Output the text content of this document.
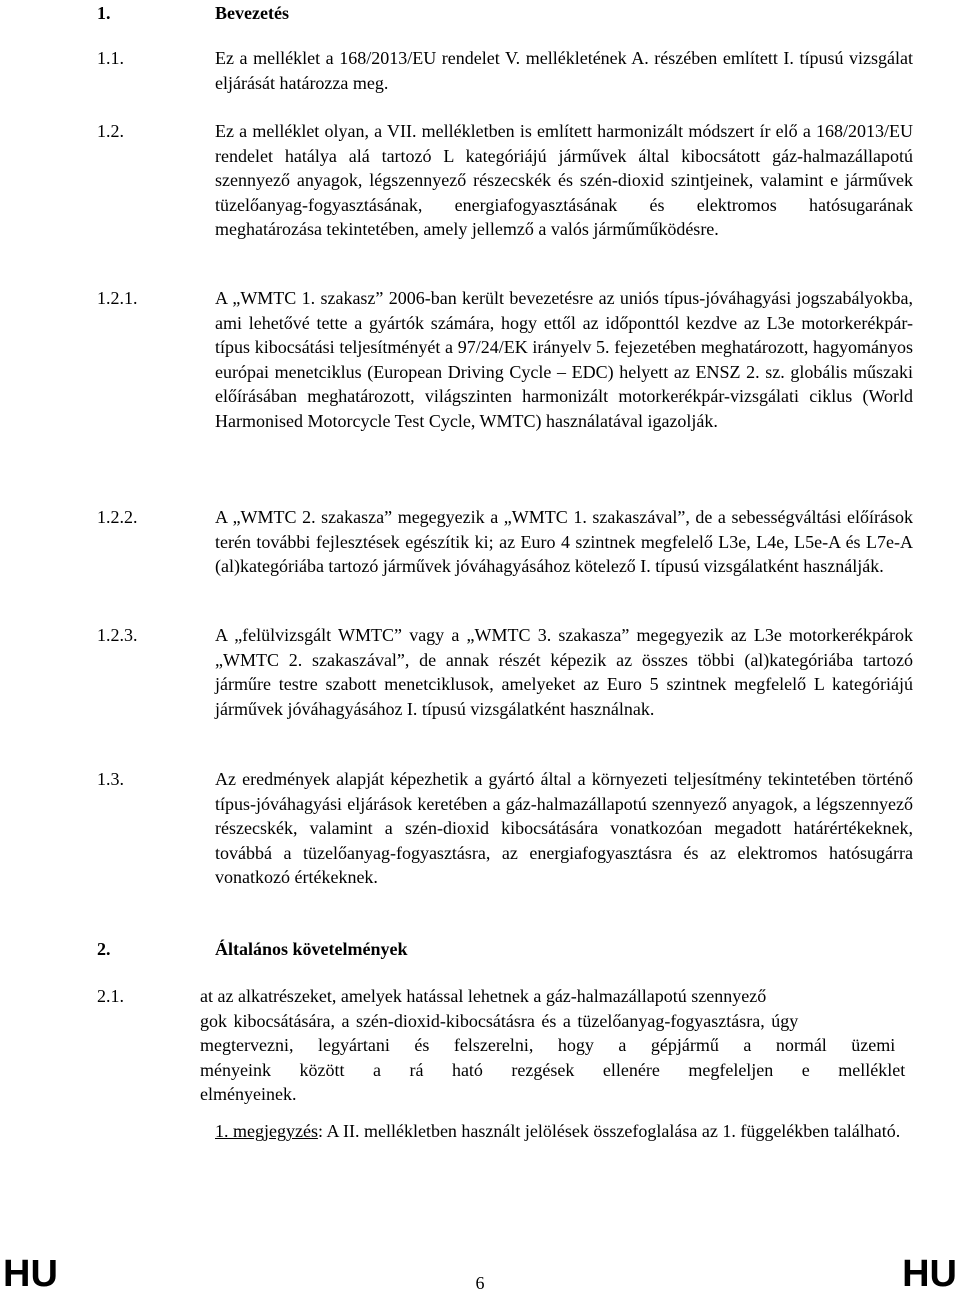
1.	Bevezetés
1.1.	Ez a melléklet a 168/2013/EU rendelet V. mellékletének A. részében említett I. típusú vizsgálat eljárását határozza meg.
1.2.	Ez a melléklet olyan, a VII. mellékletben is említett harmonizált módszert ír elő a 168/2013/EU rendelet hatálya alá tartozó L kategóriájú járművek által kibocsátott gáz-halmazállapotú szennyező anyagok, légszennyező részecskék és szén-dioxid szintjeinek, valamint e járművek tüzelőanyag-fogyasztásának, energiafogyasztásának és elektromos hatósugarának meghatározása tekintetében, amely jellemző a valós járműműködésre.
1.2.1.	A „WMTC 1. szakasz” 2006-ban került bevezetésre az uniós típus-jóváhagyási jogszabályokba, ami lehetővé tette a gyártók számára, hogy ettől az időponttól kezdve az L3e motorkerékpár-típus kibocsátási teljesítményét a 97/24/EK irányelv 5. fejezetében meghatározott, hagyományos európai menetciklus (European Driving Cycle – EDC) helyett az ENSZ 2. sz. globális műszaki előírásában meghatározott, világszinten harmonizált motorkerékpár-vizsgálati ciklus (World Harmonised Motorcycle Test Cycle, WMTC) használatával igazolják.
1.2.2.	A „WMTC 2. szakasza” megegyezik a „WMTC 1. szakaszával”, de a sebességváltási előírások terén további fejlesztések egészítik ki; az Euro 4 szintnek megfelelő L3e, L4e, L5e-A és L7e-A (al)kategóriába tartozó járművek jóváhagyásához kötelező I. típusú vizsgálatként használják.
1.2.3.	A „felülvizsgált WMTC” vagy a „WMTC 3. szakasza” megegyezik az L3e motorkerékpárok „WMTC 2. szakaszával”, de annak részét képezik az összes többi (al)kategóriába tartozó járműre testre szabott menetciklusok, amelyeket az Euro 5 szintnek megfelelő L kategóriájú járművek jóváhagyásához I. típusú vizsgálatként használnak.
1.3.	Az eredmények alapját képezhetik a gyártó által a környezeti teljesítmény tekintetében történő típus-jóváhagyási eljárások keretében a gáz-halmazállapotú szennyező anyagok, a légszennyező részecskék, valamint a szén-dioxid kibocsátására vonatkozóan megadott határértékeknek, továbbá a tüzelőanyag-fogyasztásra, az energiafogyasztásra és az elektromos hatósugárra vonatkozó értékeknek.
2.	Általános követelmények
2.1.	at az alkatrészeket, amelyek hatással lehetnek a gáz-halmazállapotú szennyező
gok kibocsátására, a szén-dioxid-kibocsátásra és a tüzelőanyag-fogyasztásra, úgy
megtervezni, legyártani és felszerelni, hogy a gépjármű a normál üzemi
ményeink között a rá ható rezgések ellenére megfeleljen e melléklet
elményeinek.
1. megjegyzés: A II. mellékletben használt jelölések összefoglalása az 1. függelékben található.
HU	6	HU
